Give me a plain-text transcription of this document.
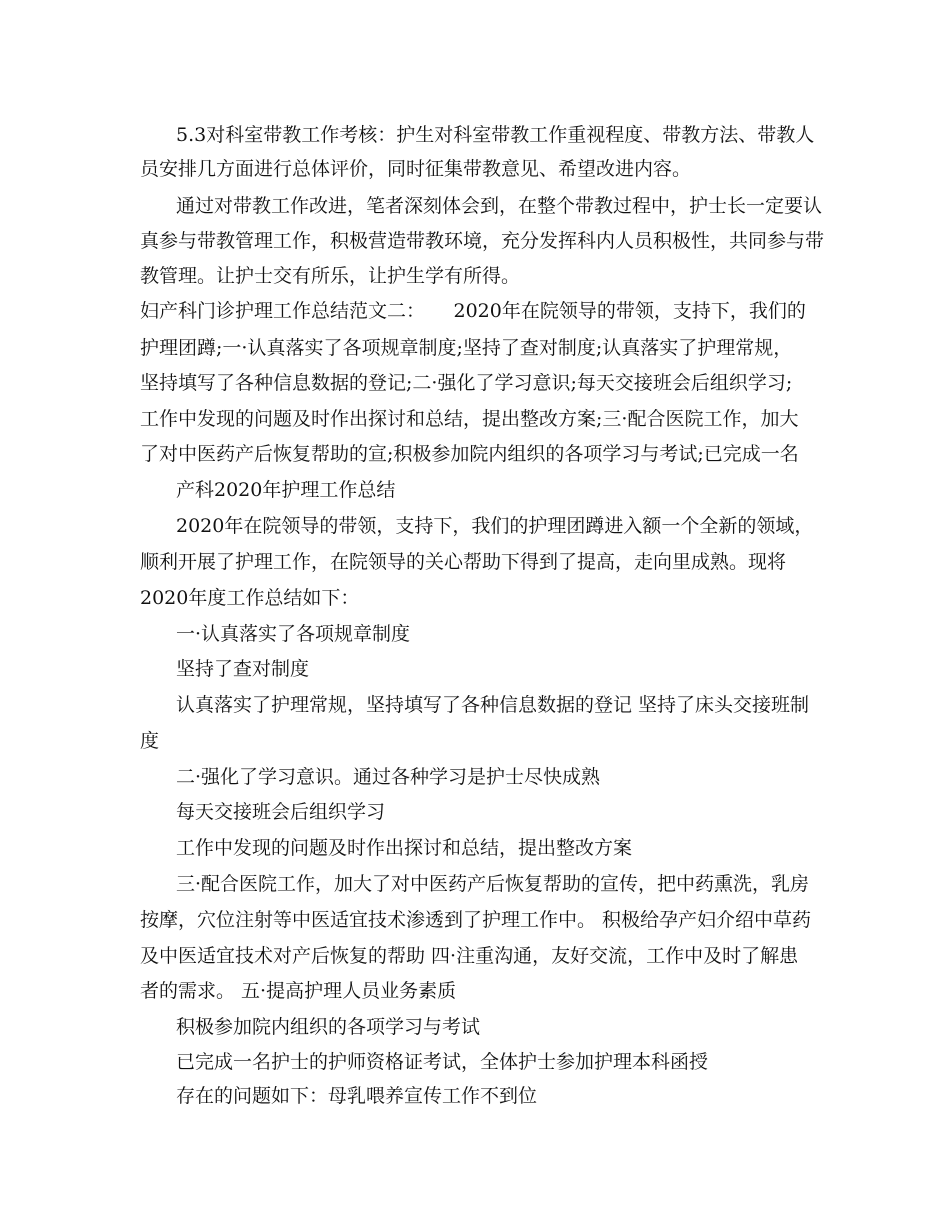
5.3对科室带教工作考核：护生对科室带教工作重视程度、带教方法、带教人
员安排几方面进行总体评价，同时征集带教意见、希望改进内容。
通过对带教工作改进，笔者深刻体会到，在整个带教过程中，护士长一定要认
真参与带教管理工作，积极营造带教环境，充分发挥科内人员积极性，共同参与带
教管理。让护士交有所乐，让护生学有所得。
妇产科门诊护理工作总结范文二：　　2020年在院领导的带领，支持下，我们的
护理团蹲;一·认真落实了各项规章制度;坚持了查对制度;认真落实了护理常规，
坚持填写了各种信息数据的登记;二·强化了学习意识;每天交接班会后组织学习;
工作中发现的问题及时作出探讨和总结，提出整改方案;三·配合医院工作，加大
了对中医药产后恢复帮助的宣;积极参加院内组织的各项学习与考试;已完成一名
产科2020年护理工作总结
2020年在院领导的带领，支持下，我们的护理团蹲进入额一个全新的领域，
顺利开展了护理工作，在院领导的关心帮助下得到了提高，走向里成熟。现将
2020年度工作总结如下：
一·认真落实了各项规章制度
坚持了查对制度
认真落实了护理常规，坚持填写了各种信息数据的登记 坚持了床头交接班制
度
二·强化了学习意识。通过各种学习是护士尽快成熟
每天交接班会后组织学习
工作中发现的问题及时作出探讨和总结，提出整改方案
三·配合医院工作，加大了对中医药产后恢复帮助的宣传，把中药熏洗，乳房
按摩，穴位注射等中医适宜技术渗透到了护理工作中。 积极给孕产妇介绍中草药
及中医适宜技术对产后恢复的帮助 四·注重沟通，友好交流，工作中及时了解患
者的需求。 五·提高护理人员业务素质
积极参加院内组织的各项学习与考试
已完成一名护士的护师资格证考试，全体护士参加护理本科函授
存在的问题如下：母乳喂养宣传工作不到位
